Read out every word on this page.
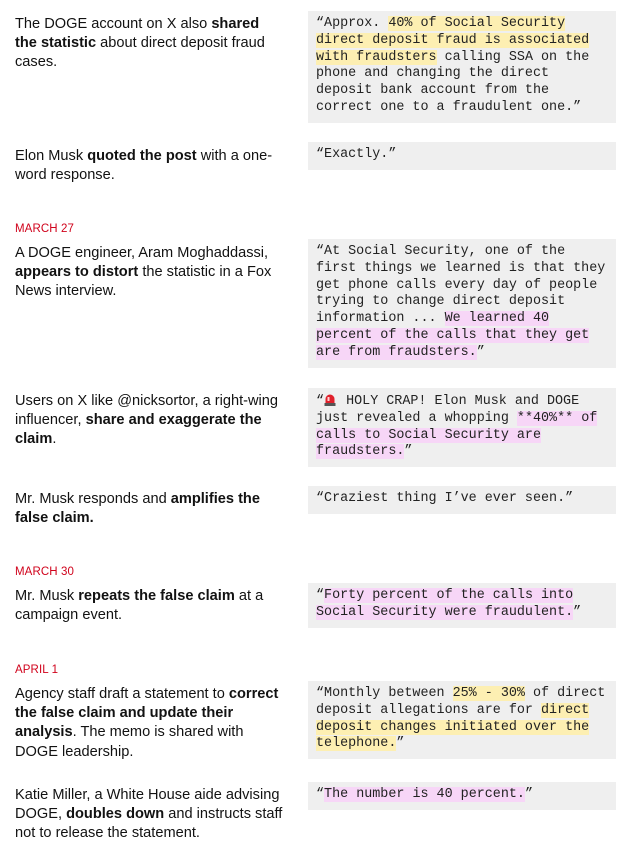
The DOGE account on X also shared the statistic about direct deposit fraud cases.
“Approx. 40% of Social Security direct deposit fraud is associated with fraudsters calling SSA on the phone and changing the direct deposit bank account from the correct one to a fraudulent one.”
Elon Musk quoted the post with a one-word response.
“Exactly.”
MARCH 27
A DOGE engineer, Aram Moghaddassi, appears to distort the statistic in a Fox News interview.
“At Social Security, one of the first things we learned is that they get phone calls every day of people trying to change direct deposit information ... We learned 40 percent of the calls that they get are from fraudsters.”
Users on X like @nicksortor, a right-wing influencer, share and exaggerate the claim.
“ HOLY CRAP! Elon Musk and DOGE just revealed a whopping **40%** of calls to Social Security are fraudsters.”
Mr. Musk responds and amplifies the false claim.
“Craziest thing I’ve ever seen.”
MARCH 30
Mr. Musk repeats the false claim at a campaign event.
“Forty percent of the calls into Social Security were fraudulent.”
APRIL 1
Agency staff draft a statement to correct the false claim and update their analysis. The memo is shared with DOGE leadership.
“Monthly between 25% - 30% of direct deposit allegations are for direct deposit changes initiated over the telephone.”
Katie Miller, a White House aide advising DOGE, doubles down and instructs staff not to release the statement.
“The number is 40 percent.”
